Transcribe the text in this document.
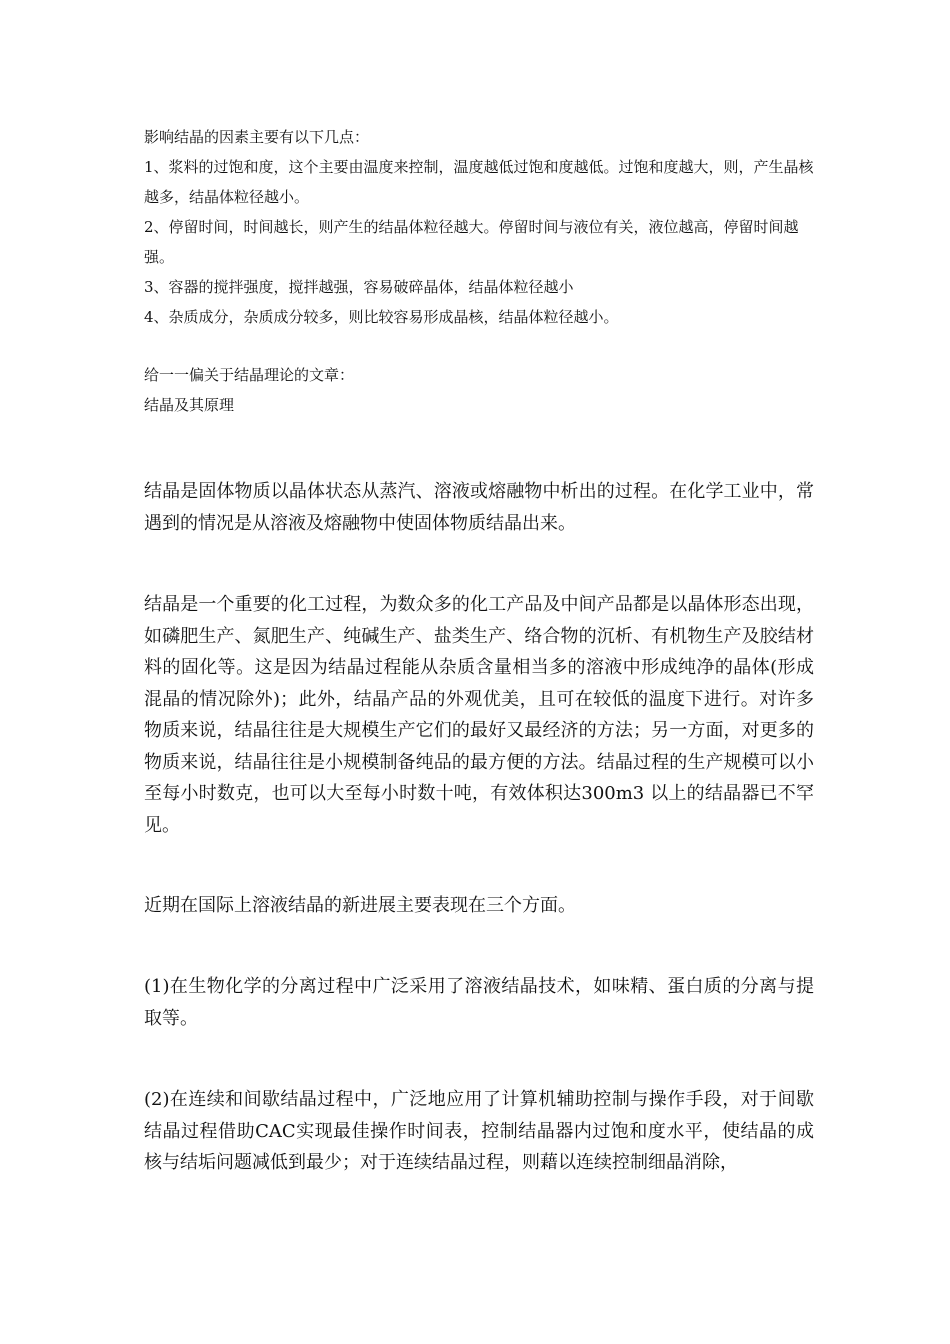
影响结晶的因素主要有以下几点：

1、浆料的过饱和度，这个主要由温度来控制，温度越低过饱和度越低。过饱和度越大，则，产生晶核越多，结晶体粒径越小。

2、停留时间，时间越长，则产生的结晶体粒径越大。停留时间与液位有关，液位越高，停留时间越强。

3、容器的搅拌强度，搅拌越强，容易破碎晶体，结晶体粒径越小

4、杂质成分，杂质成分较多，则比较容易形成晶核，结晶体粒径越小。

给一一偏关于结晶理论的文章：

结晶及其原理

结晶是固体物质以晶体状态从蒸汽、溶液或熔融物中析出的过程。在化学工业中，常遇到的情况是从溶液及熔融物中使固体物质结晶出来。

结晶是一个重要的化工过程，为数众多的化工产品及中间产品都是以晶体形态出现，如磷肥生产、氮肥生产、纯碱生产、盐类生产、络合物的沉析、有机物生产及胶结材料的固化等。这是因为结晶过程能从杂质含量相当多的溶液中形成纯净的晶体(形成混晶的情况除外)；此外，结晶产品的外观优美，且可在较低的温度下进行。对许多物质来说，结晶往往是大规模生产它们的最好又最经济的方法；另一方面，对更多的物质来说，结晶往往是小规模制备纯品的最方便的方法。结晶过程的生产规模可以小至每小时数克，也可以大至每小时数十吨，有效体积达300m3 以上的结晶器已不罕见。

近期在国际上溶液结晶的新进展主要表现在三个方面。

(1)在生物化学的分离过程中广泛采用了溶液结晶技术，如味精、蛋白质的分离与提取等。

(2)在连续和间歇结晶过程中，广泛地应用了计算机辅助控制与操作手段，对于间歇结晶过程借助CAC实现最佳操作时间表，控制结晶器内过饱和度水平，使结晶的成核与结垢问题减低到最少；对于连续结晶过程，则藉以连续控制细晶消除，
